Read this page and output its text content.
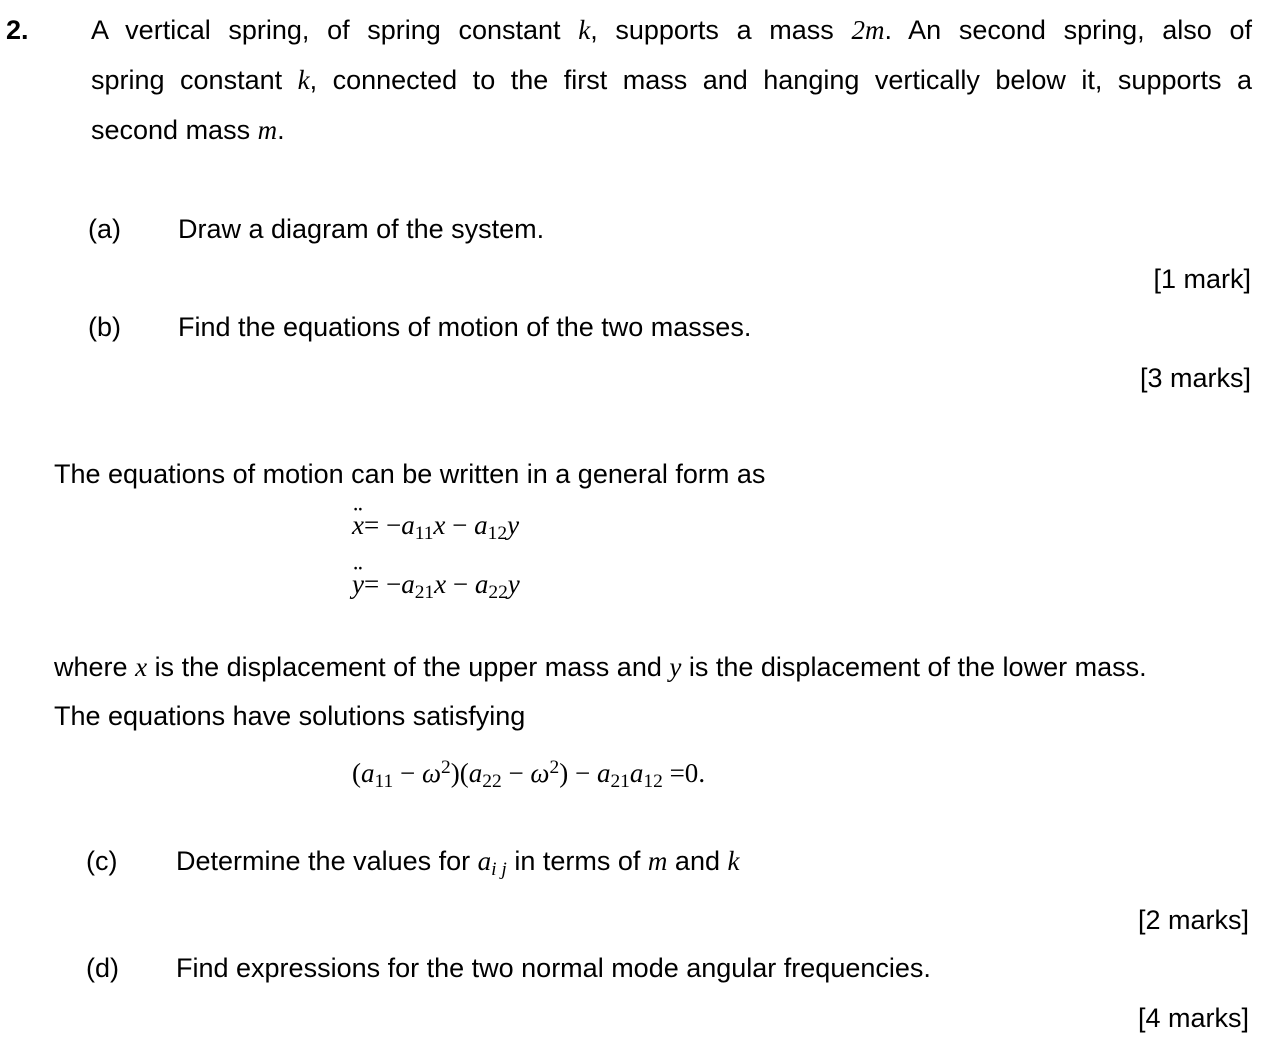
2. A vertical spring, of spring constant k, supports a mass 2m. An second spring, also of
spring constant k, connected to the first mass and hanging vertically below it, supports a
second mass m.
(a) Draw a diagram of the system.
[1 mark]
(b) Find the equations of motion of the two masses.
[3 marks]
The equations of motion can be written in a general form as
¨ $x= -a_{11}x - a_{12}y$
¨ $y= -a_{21}x - a_{22}y$
where x is the displacement of the upper mass and y is the displacement of the lower mass.
The equations have solutions satisfying
$(a_{11} - \omega^2)(a_{22} - \omega^2) - a_{21}a_{12} =0$.
(c) Determine the values for $a_{i j}$ in terms of m and k
[2 marks]
(d) Find expressions for the two normal mode angular frequencies.
[4 marks]
